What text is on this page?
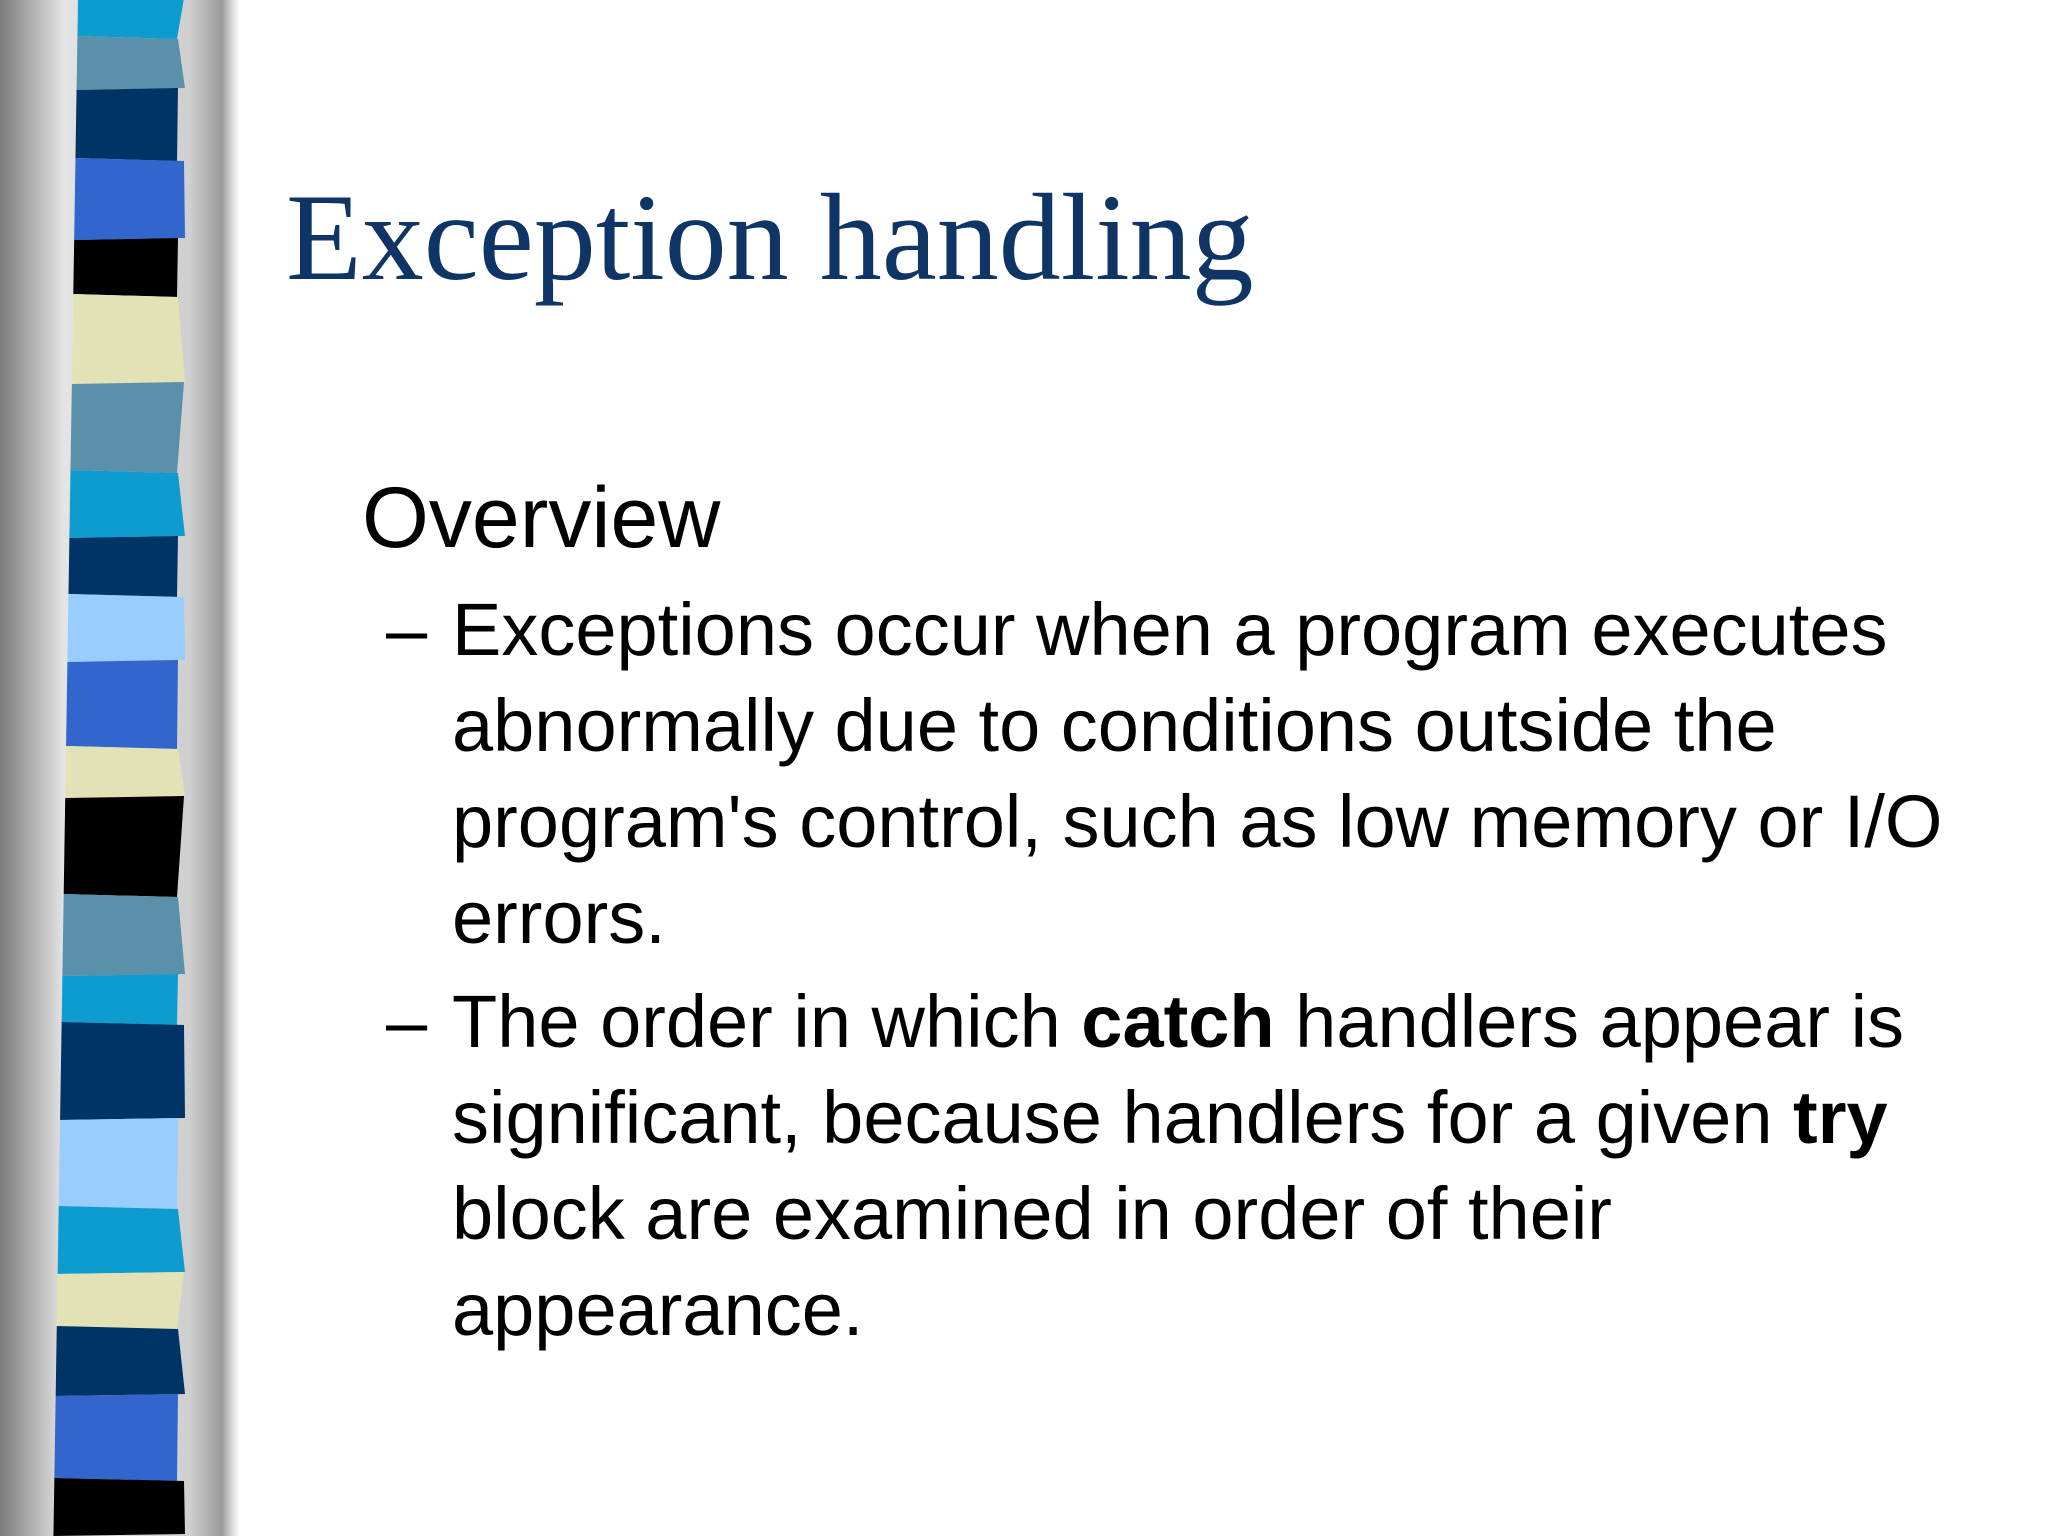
Exception handling
Overview
– Exceptions occur when a program executes abnormally due to conditions outside the program's control, such as low memory or I/O errors.
– The order in which catch handlers appear is significant, because handlers for a given try block are examined in order of their appearance.
